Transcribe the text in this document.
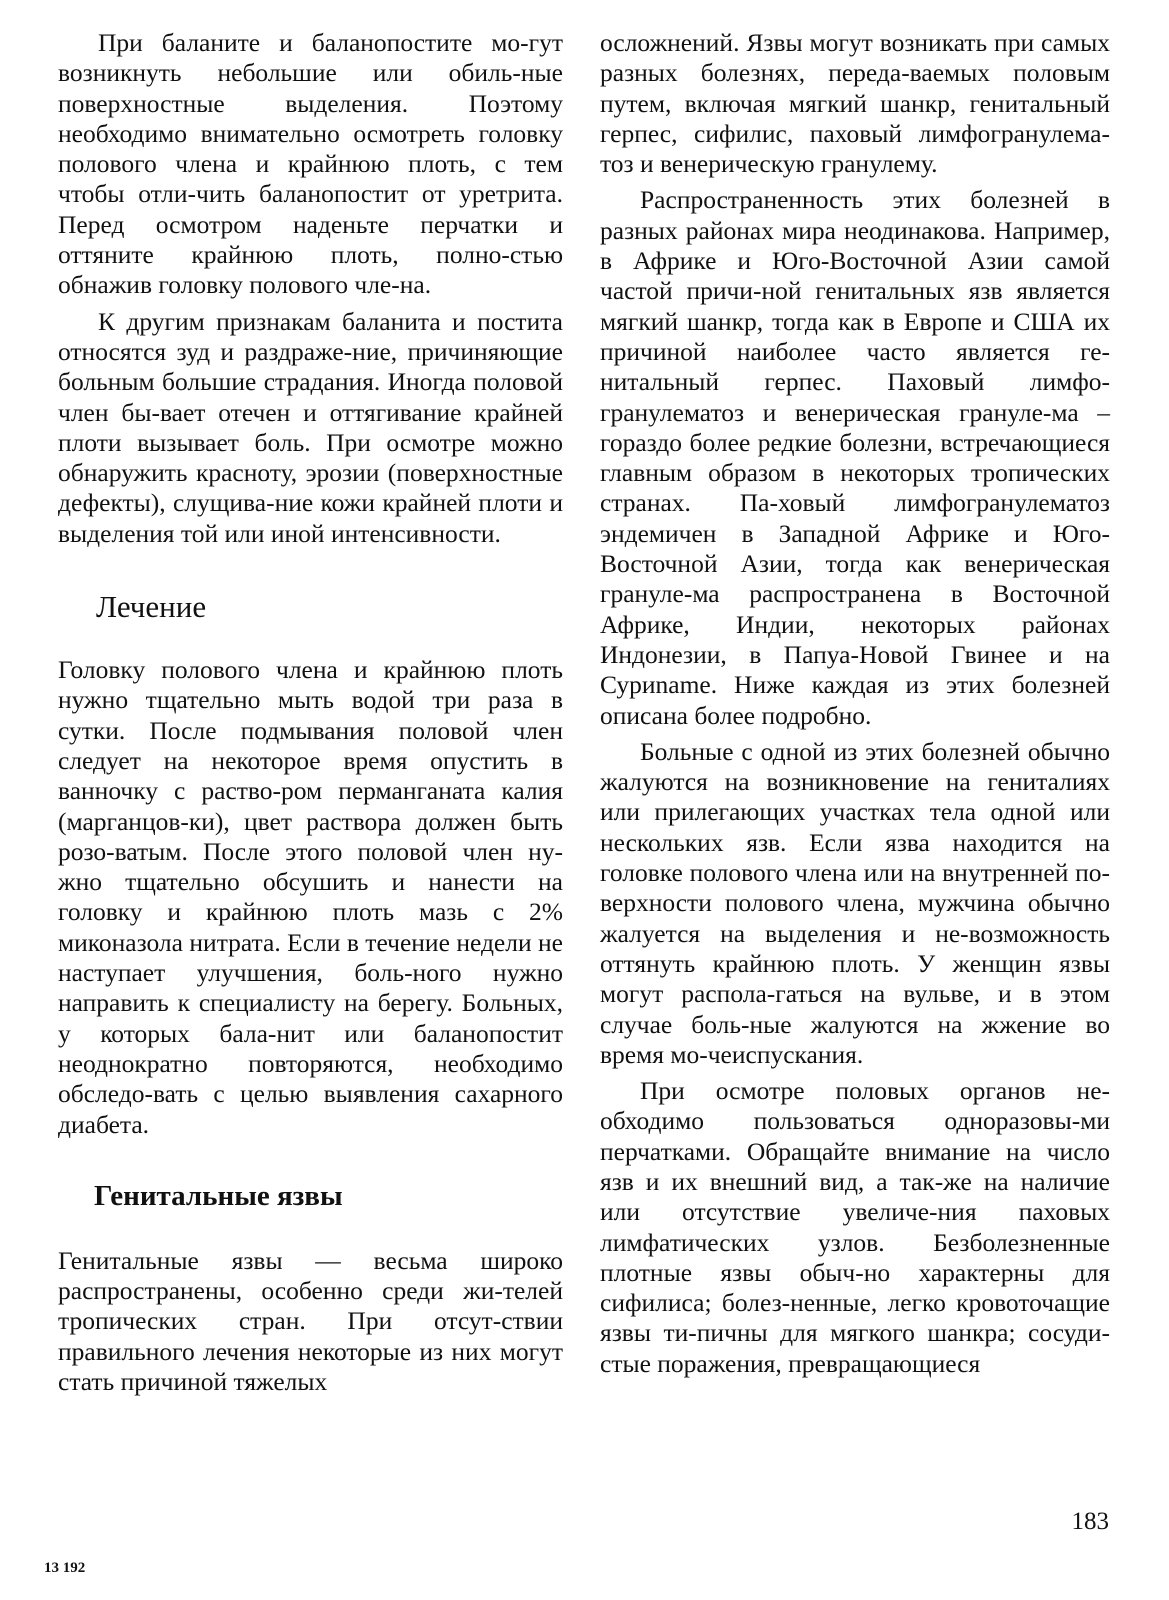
При баланите и баланопостите мо-гут возникнуть небольшие или обиль-ные поверхностные выделения. Поэтому необходимо внимательно осмотреть головку полового члена и крайнюю плоть, с тем чтобы отли-чить баланопостит от уретрита. Перед осмотром наденьте перчатки и оттяните крайнюю плоть, полно-стью обнажив головку полового чле-на.

К другим признакам баланита и постита относятся зуд и раздраже-ние, причиняющие больным большие страдания. Иногда половой член бы-вает отечен и оттягивание крайней плоти вызывает боль. При осмотре можно обнаружить красноту, эрозии (поверхностные дефекты), слущива-ние кожи крайней плоти и выделения той или иной интенсивности.

Лечение

Головку полового члена и крайнюю плоть нужно тщательно мыть водой три раза в сутки. После подмывания половой член следует на некоторое время опустить в ванночку с раство-ром перманганата калия (марганцов-ки), цвет раствора должен быть розо-ватым. После этого половой член ну-жно тщательно обсушить и нанести на головку и крайнюю плоть мазь с 2% миконазола нитрата. Если в течение недели не наступает улучшения, боль-ного нужно направить к специалисту на берегу. Больных, у которых бала-нит или баланопостит неоднократно повторяются, необходимо обследо-вать с целью выявления сахарного диабета.

Генитальные язвы

Генитальные язвы — весьма широко распространены, особенно среди жи-телей тропических стран. При отсут-ствии правильного лечения некоторые из них могут стать причиной тяжелых

осложнений. Язвы могут возникать при самых разных болезнях, переда-ваемых половым путем, включая мягкий шанкр, генитальный герпес, сифилис, паховый лимфогранулема-тоз и венерическую гранулему.

Распространенность этих болезней в разных районах мира неодинакова. Например, в Африке и Юго-Восточной Азии самой частой причи-ной генитальных язв является мягкий шанкр, тогда как в Европе и США их причиной наиболее часто является ге-нитальный герпес. Паховый лимфо-гранулематоз и венерическая грануле-ма – гораздо более редкие болезни, встречающиеся главным образом в некоторых тропических странах. Па-ховый лимфогранулематоз эндемичен в Западной Африке и Юго-Восточной Азии, тогда как венерическая грануле-ма распространена в Восточной Африке, Индии, некоторых районах Индонезии, в Папуа-Новой Гвинее и на Суриname. Ниже каждая из этих болезней описана более подробно.

Больные с одной из этих болезней обычно жалуются на возникновение на гениталиях или прилегающих участках тела одной или нескольких язв. Если язва находится на головке полового члена или на внутренней по-верхности полового члена, мужчина обычно жалуется на выделения и не-возможность оттянуть крайнюю плоть. У женщин язвы могут распола-гаться на вульве, и в этом случае боль-ные жалуются на жжение во время мо-чеиспускания.

При осмотре половых органов не-обходимо пользоваться одноразовы-ми перчатками. Обращайте внимание на число язв и их внешний вид, а так-же на наличие или отсутствие увеличе-ния паховых лимфатических узлов. Безболезненные плотные язвы обыч-но характерны для сифилиса; болез-ненные, легко кровоточащие язвы ти-пичны для мягкого шанкра; сосуди-стые поражения, превращающиеся

183
13 192
